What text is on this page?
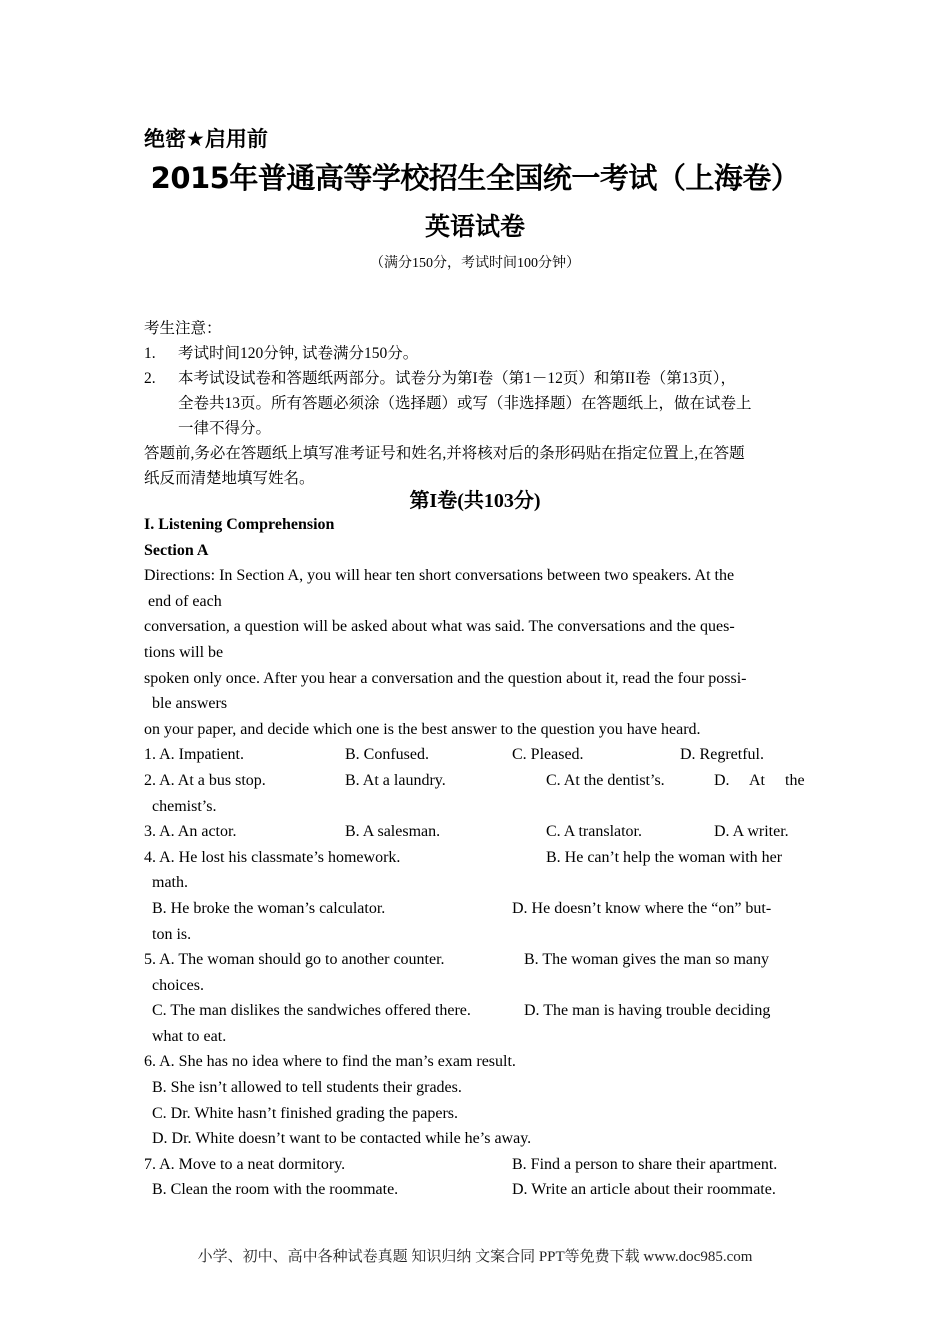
绝密★启用前
2015年普通高等学校招生全国统一考试（上海卷）
英语试卷
（满分150分，考试时间100分钟）
考生注意：
1. 考试时间120分钟, 试卷满分150分。
2. 本考试设试卷和答题纸两部分。试卷分为第I卷（第1－12页）和第II卷（第13页），
全卷共13页。所有答题必须涂（选择题）或写（非选择题）在答题纸上，做在试卷上
一律不得分。
答题前,务必在答题纸上填写准考证号和姓名,并将核对后的条形码贴在指定位置上,在答题
纸反而清楚地填写姓名。
第I卷(共103分)
I. Listening Comprehension
Section A
Directions: In Section A, you will hear ten short conversations between two speakers. At the
end of each
conversation, a question will be asked about what was said. The conversations and the ques-
tions will be
spoken only once. After you hear a conversation and the question about it, read the four possi-
ble answers
on your paper, and decide which one is the best answer to the question you have heard.
1. A. Impatient.	B. Confused.	C. Pleased.	D. Regretful.
2. A. At a bus stop.	B. At a laundry.	C. At the dentist’s.	D. At the
chemist’s.
3. A. An actor.	B. A salesman.	C. A translator.	D. A writer.
4. A. He lost his classmate’s homework.	B. He can’t help the woman with her
math.
B. He broke the woman’s calculator.	D. He doesn’t know where the “on” but-
ton is.
5. A. The woman should go to another counter.	B. The woman gives the man so many
choices.
C. The man dislikes the sandwiches offered there.	D. The man is having trouble deciding
what to eat.
6. A. She has no idea where to find the man’s exam result.
B. She isn’t allowed to tell students their grades.
C. Dr. White hasn’t finished grading the papers.
D. Dr. White doesn’t want to be contacted while he’s away.
7. A. Move to a neat dormitory.	B. Find a person to share their apartment.
B. Clean the room with the roommate.	D. Write an article about their roommate.
小学、初中、高中各种试卷真题 知识归纳 文案合同 PPT等免费下载 www.doc985.com
